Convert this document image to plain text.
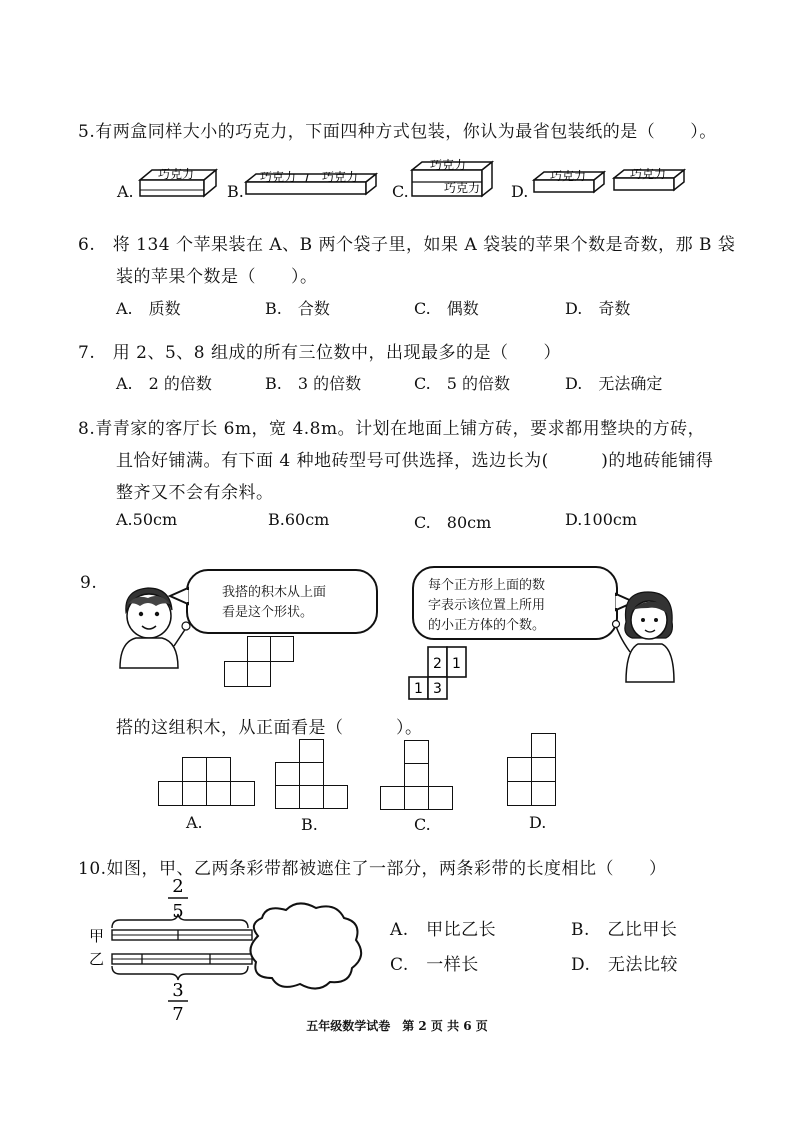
5.有两盒同样大小的巧克力，下面四种方式包装，你认为最省包装纸的是（　　）。
A.	B.	C.	D.
巧克力	巧克力 巧克力
巧克力
巧克力
巧克力	巧克力
6.　将 134 个苹果装在 A、B 两个袋子里，如果 A 袋装的苹果个数是奇数，那 B 袋
装的苹果个数是（　　）。
A.　质数	B.　合数	C.　偶数	D.　奇数
7.　用 2、5、8 组成的所有三位数中，出现最多的是（　　）
A.　2 的倍数	B.　3 的倍数	C.　5 的倍数	D.　无法确定
8.青青家的客厅长 6m，宽 4.8m。计划在地面上铺方砖，要求都用整块的方砖，
且恰好铺满。有下面 4 种地砖型号可供选择，选边长为(　　　)的地砖能铺得
整齐又不会有余料。
A.50cm	B.60cm	C.　80cm	D.100cm
9.	我搭的积木从上面
看是这个形状。
每个正方形上面的数
字表示该位置上所用
的小正方体的个数。
2 1
1 3
搭的这组积木，从正面看是（　　　）。
A.	B.	C.	D.
10.如图，甲、乙两条彩带都被遮住了一部分，两条彩带的长度相比（　　）
2
5
甲
乙
3
7
A.　甲比乙长	B.　乙比甲长
C.　一样长	D.　无法比较
五年级数学试卷　第 2 页 共 6 页
